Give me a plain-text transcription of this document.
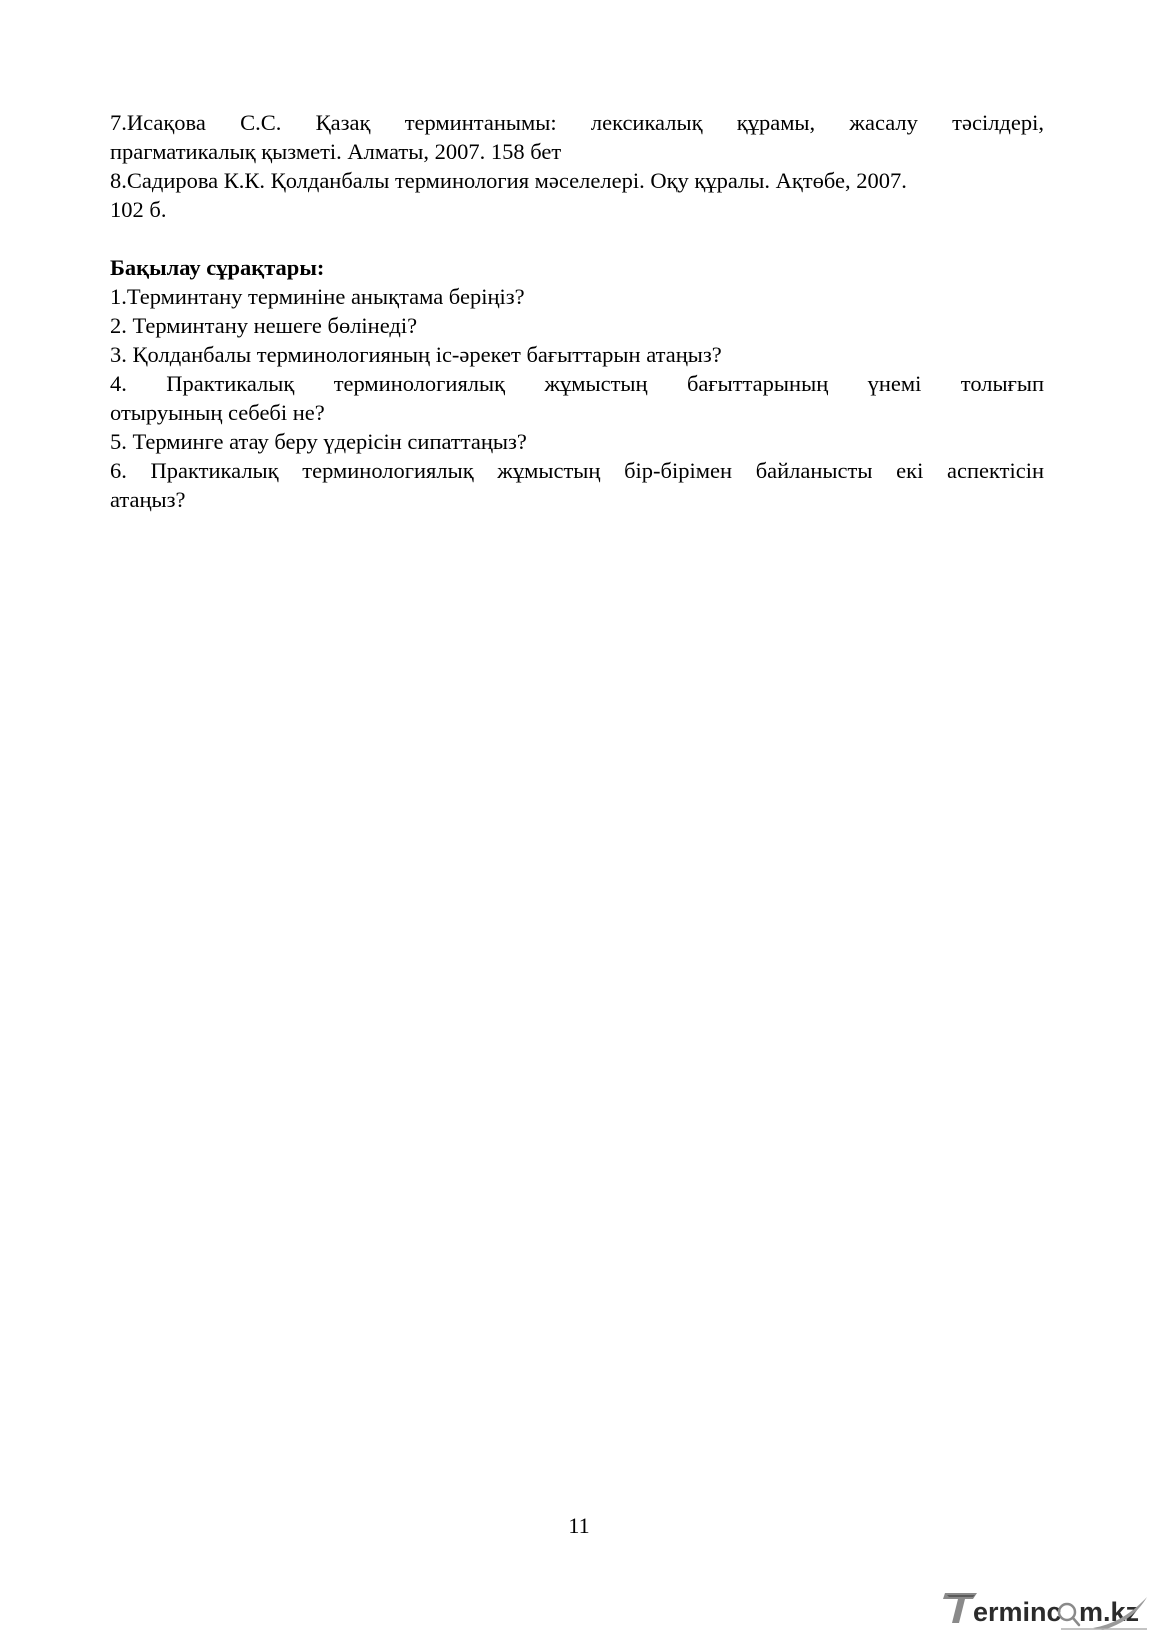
7.Исақова С.С. Қазақ терминтанымы: лексикалық құрамы, жасалу тәсілдері,

прагматикалық қызметі. Алматы, 2007. 158 бет

8.Садирова К.К. Қолданбалы терминология мәселелері. Оқу құралы. Ақтөбе, 2007.

102 б.

Бақылау сұрақтары:

1.Терминтану терминіне анықтама беріңіз?

2. Терминтану нешеге бөлінеді?

3. Қолданбалы терминологияның іс-әрекет бағыттарын атаңыз?

4. Практикалық терминологиялық жұмыстың бағыттарының үнемі толығып

отыруының себебі не?

5. Терминге атау беру үдерісін сипаттаңыз?

6. Практикалық терминологиялық жұмыстың бір-бірімен байланысты екі аспектісін

атаңыз?

11
erminc m.kz
